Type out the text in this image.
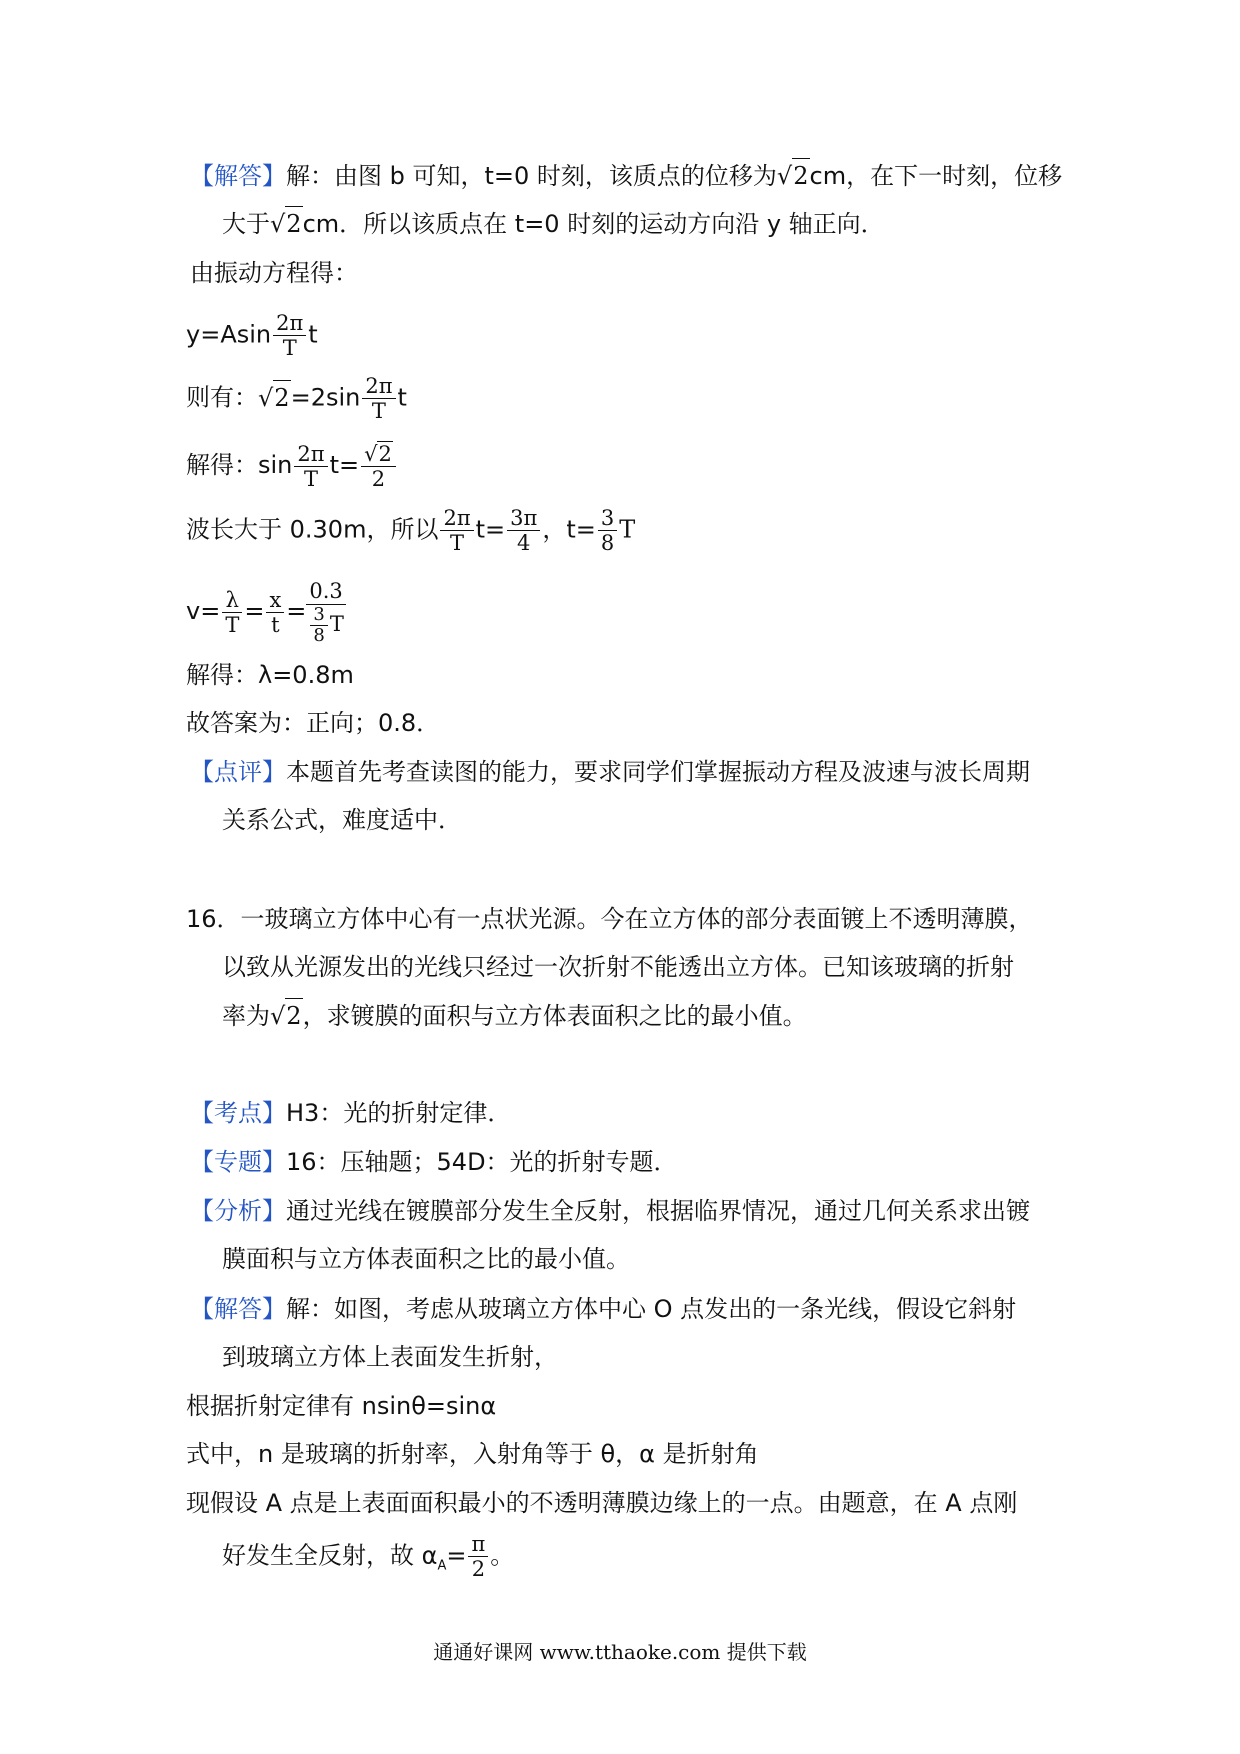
【解答】解：由图 b 可知，t=0 时刻，该质点的位移为√2cm，在下一时刻，位移
大于√2cm．所以该质点在 t=0 时刻的运动方向沿 y 轴正向．
由振动方程得：
$y=Asin \frac{2\pi}{T}$ t
则有：$√2=2\sin \frac{2\pi}{T}$ t
解得：$\sin \frac{2\pi}{T} t= \frac{√2}{2}$
波长大于 0.30m，所以 $\frac{2\pi}{T} t= \frac{3\pi}{4}$ ，$t= \frac{3}{8}$ T
$v= \frac{\lambda}{T} = \frac{x}{t} = \frac{0.3}{\frac{3}{8} T}$
解得：λ=0.8m
故答案为：正向；0.8．
【点评】本题首先考查读图的能力，要求同学们掌握振动方程及波速与波长周期
关系公式，难度适中．
16．一玻璃立方体中心有一点状光源。今在立方体的部分表面镀上不透明薄膜，
以致从光源发出的光线只经过一次折射不能透出立方体。已知该玻璃的折射
率为√2，求镀膜的面积与立方体表面积之比的最小值。
【考点】H3：光的折射定律．
【专题】16：压轴题；54D：光的折射专题．
【分析】通过光线在镀膜部分发生全反射，根据临界情况，通过几何关系求出镀
膜面积与立方体表面积之比的最小值。
【解答】解：如图，考虑从玻璃立方体中心 O 点发出的一条光线，假设它斜射
到玻璃立方体上表面发生折射，
根据折射定律有 nsinθ=sinα
式中，n 是玻璃的折射率，入射角等于 θ，α 是折射角
现假设 A 点是上表面面积最小的不透明薄膜边缘上的一点。由题意，在 A 点刚
好发生全反射，故 $\alpha_A= \frac{\pi}{2}$ 。
通通好课网 www.tthaoke.com 提供下载
